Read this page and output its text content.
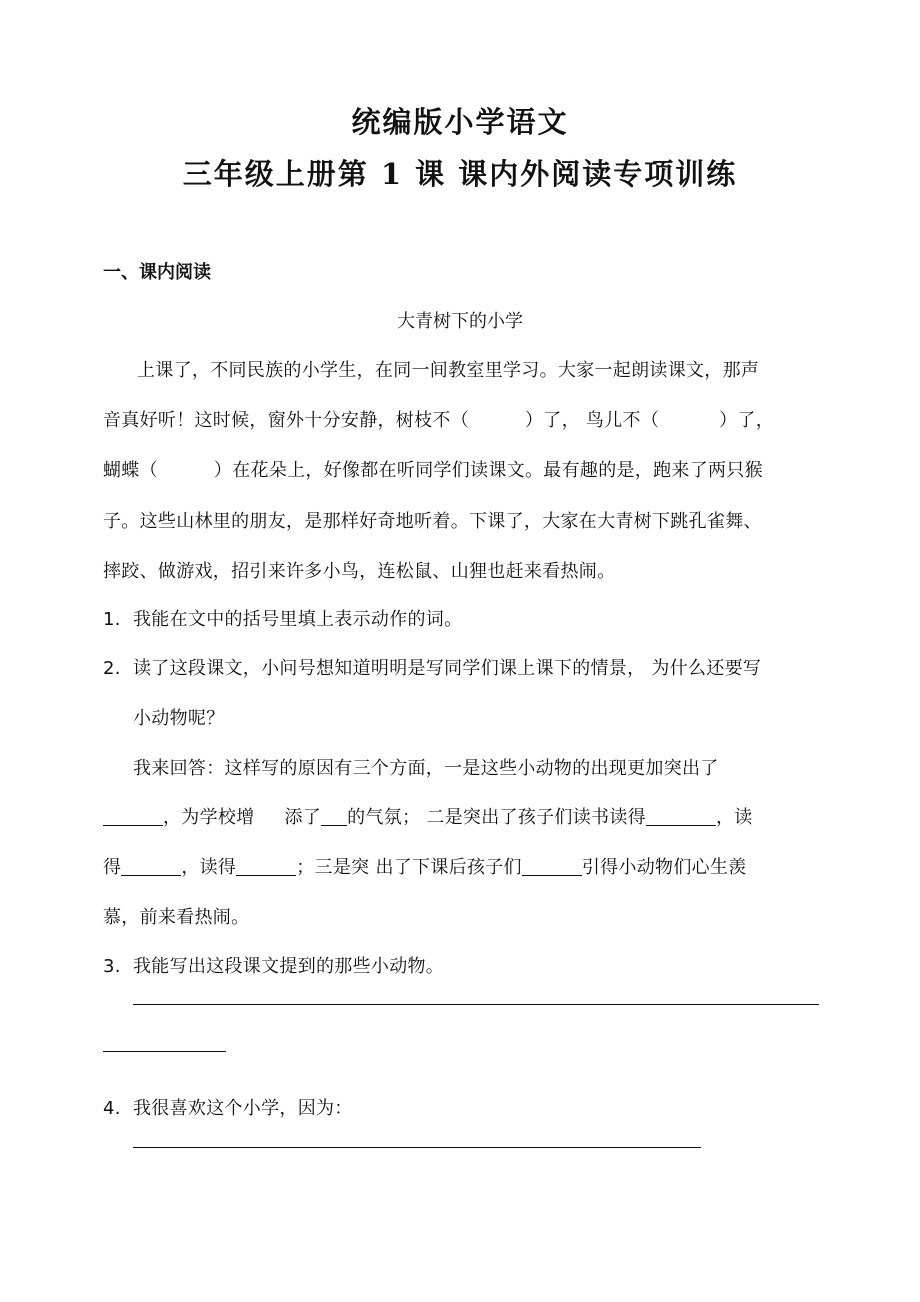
统编版小学语文
三年级上册第 1 课 课内外阅读专项训练
一、课内阅读
大青树下的小学
上课了，不同民族的小学生，在同一间教室里学习。大家一起朗读课文，那声
音真好听！这时候，窗外十分安静，树枝不（	）了， 鸟儿不（	）了，
蝴蝶（	）在花朵上，好像都在听同学们读课文。最有趣的是，跑来了两只猴
子。这些山林里的朋友，是那样好奇地听着。下课了，大家在大青树下跳孔雀舞、
摔跤、做游戏，招引来许多小鸟，连松鼠、山狸也赶来看热闹。
1. 我能在文中的括号里填上表示动作的词。
2. 读了这段课文，小问号想知道明明是写同学们课上课下的情景， 为什么还要写
小动物呢？
我来回答：这样写的原因有三个方面，一是这些小动物的出现更加突出了
，为学校增 添了 的气氛； 二是突出了孩子们读书读得	，读
得	，读得	；三是突 出了下课后孩子们	引得小动物们心生羡
慕，前来看热闹。
3. 我能写出这段课文提到的那些小动物。
4. 我很喜欢这个小学，因为：
